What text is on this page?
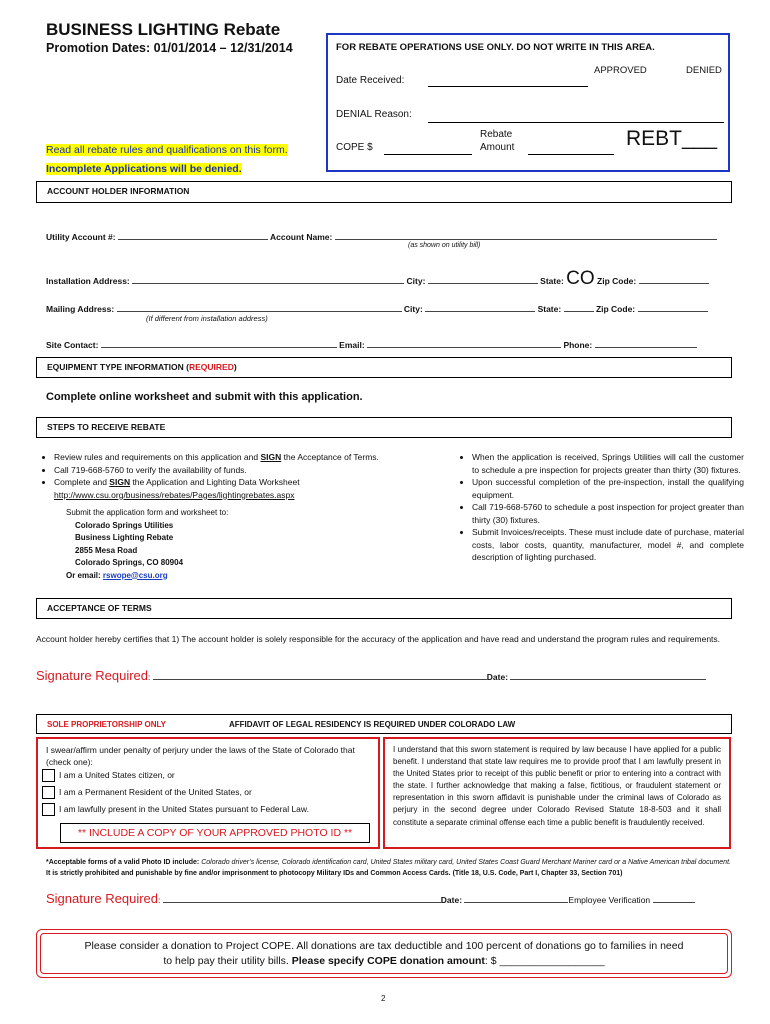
BUSINESS LIGHTING Rebate
Promotion Dates: 01/01/2014 – 12/31/2014
Read all rebate rules and qualifications on this form.
Incomplete Applications will be denied.
FOR REBATE OPERATIONS USE ONLY. DO NOT WRITE IN THIS AREA.
APPROVED	DENIED
Date Received:
DENIAL Reason:
COPE $
Rebate
Amount	REBT___
ACCOUNT HOLDER INFORMATION
Utility Account #:	Account Name:
(as shown on utility bill)
Installation Address:	City:	State: CO Zip Code:
Mailing Address:	City:	State:	Zip Code:
(If different from installation address)
Site Contact:	Email:	Phone:
EQUIPMENT TYPE INFORMATION (REQUIRED)
Complete online worksheet and submit with this application.
STEPS TO RECEIVE REBATE
• Review rules and requirements on this application and SIGN the Acceptance of Terms.
• Call 719-668-5760 to verify the availability of funds.
• Complete and SIGN the Application and Lighting Data Worksheet
http://www.csu.org/business/rebates/Pages/lightingrebates.aspx
Submit the application form and worksheet to:
Colorado Springs Utilities
Business Lighting Rebate
2855 Mesa Road
Colorado Springs, CO 80904
Or email: rswope@csu.org
• When the application is received, Springs Utilities will call the customer to schedule a pre inspection for projects greater than thirty (30) fixtures.
• Upon successful completion of the pre-inspection, install the qualifying equipment.
• Call 719-668-5760 to schedule a post inspection for project greater than thirty (30) fixtures.
• Submit Invoices/receipts. These must include date of purchase, material costs, labor costs, quantity, manufacturer, model #, and complete description of lighting purchased.
ACCEPTANCE OF TERMS
Account holder hereby certifies that 1) The account holder is solely responsible for the accuracy of the application and have read and understand the program rules and requirements.
Signature Required:	Date:
SOLE PROPRIETORSHIP ONLY	AFFIDAVIT OF LEGAL RESIDENCY IS REQUIRED UNDER COLORADO LAW
I swear/affirm under penalty of perjury under the laws of the State of Colorado that (check one):
I am a United States citizen, or
I am a Permanent Resident of the United States, or
I am lawfully present in the United States pursuant to Federal Law.
** INCLUDE A COPY OF YOUR APPROVED PHOTO ID **
I understand that this sworn statement is required by law because I have applied for a public benefit. I understand that state law requires me to provide proof that I am lawfully present in the United States prior to receipt of this public benefit or prior to entering into a contract with the state. I further acknowledge that making a false, fictitious, or fraudulent statement or representation in this sworn affidavit is punishable under the criminal laws of Colorado as perjury in the second degree under Colorado Revised Statute 18-8-503 and it shall constitute a separate criminal offense each time a public benefit is fraudulently received.
*Acceptable forms of a valid Photo ID include: Colorado driver’s license, Colorado identification card, United States military card, United States Coast Guard Merchant Mariner card or a Native American tribal document. It is strictly prohibited and punishable by fine and/or imprisonment to photocopy Military IDs and Common Access Cards. (Title 18, U.S. Code, Part I, Chapter 33, Section 701)
Signature Required:	Date:	Employee Verification
Please consider a donation to Project COPE. All donations are tax deductible and 100 percent of donations go to families in need
to help pay their utility bills. Please specify COPE donation amount: $ __________________
2
